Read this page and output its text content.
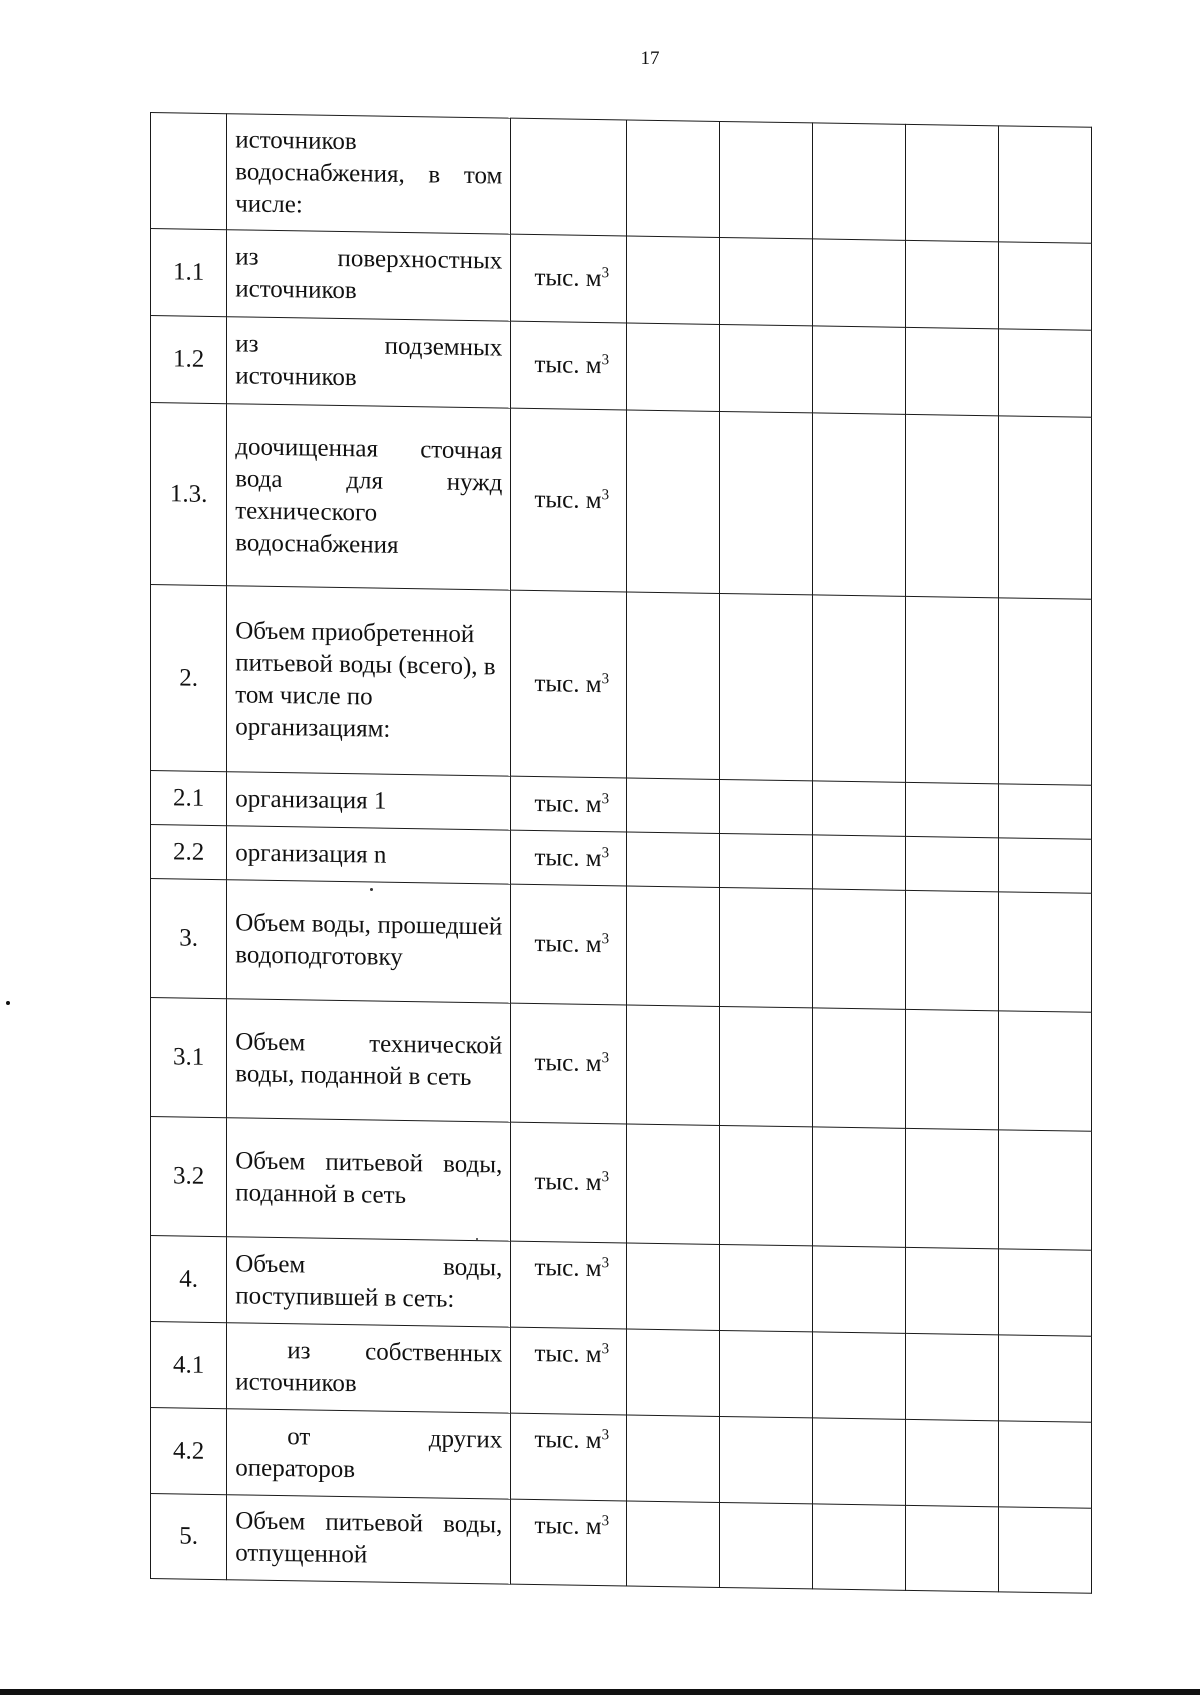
17
	источников водоснабжения, в том числе:						
1.1	из поверхностных источников	тыс. $м^3$					
1.2	из подземных источников	тыс. $м^3$					
1.3.	доочищенная сточная вода для нужд технического водоснабжения	тыс. $м^3$					
2.	Объем приобретенной питьевой воды (всего), в том числе по организациям:	тыс. $м^3$					
2.1	организация 1	тыс. $м^3$					
2.2	организация n	тыс. $м^3$					
3.	Объем воды, прошедшей водоподготовку	тыс. $м^3$					
3.1	Объем технической воды, поданной в сеть	тыс. $м^3$					
3.2	Объем питьевой воды, поданной в сеть	тыс. $м^3$					
4.	Объем воды, поступившей в сеть:	тыс. $м^3$					
4.1	из собственных источников	тыс. $м^3$					
4.2	от других операторов	тыс. $м^3$					
5.	Объем питьевой воды, отпущенной	тыс. $м^3$					
